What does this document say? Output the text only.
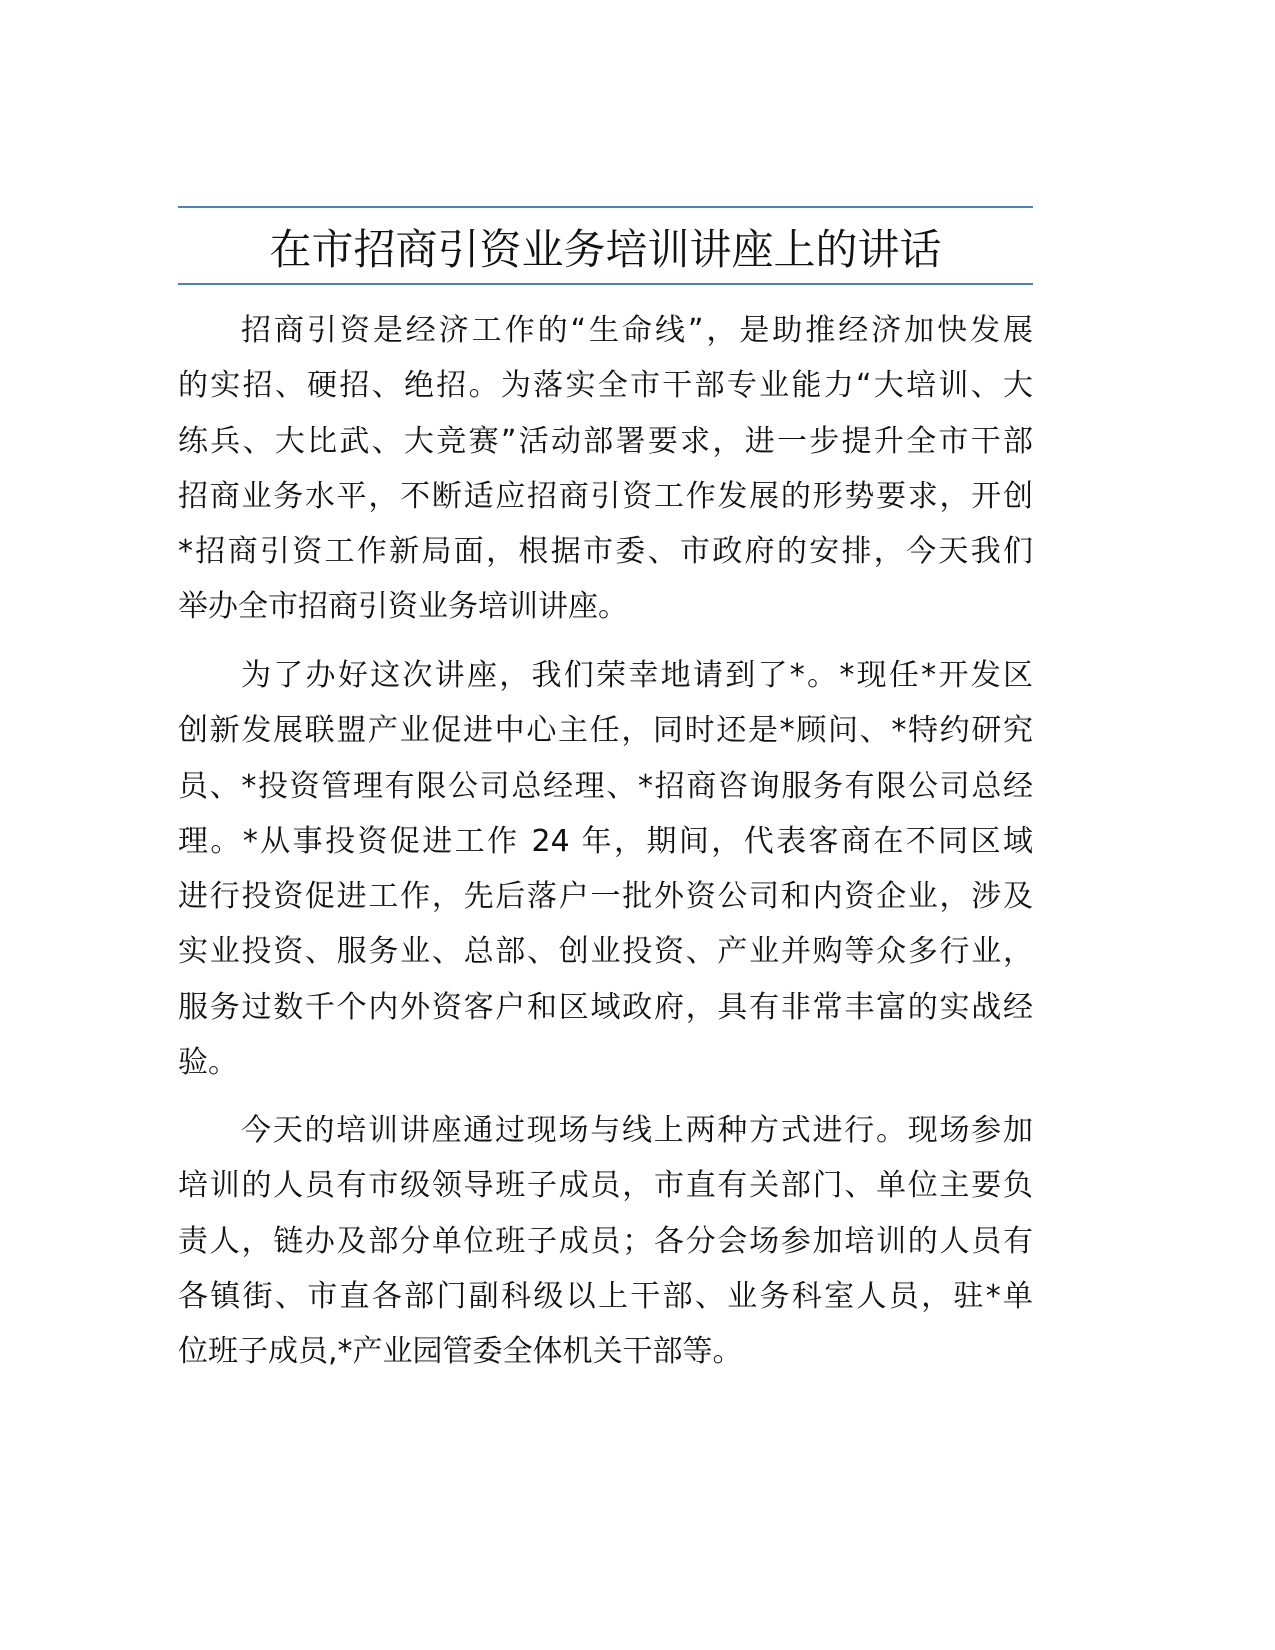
在市招商引资业务培训讲座上的讲话
招商引资是经济工作的“生命线”，是助推经济加快发展
的实招、硬招、绝招。为落实全市干部专业能力“大培训、大
练兵、大比武、大竞赛”活动部署要求，进一步提升全市干部
招商业务水平，不断适应招商引资工作发展的形势要求，开创
*招商引资工作新局面，根据市委、市政府的安排，今天我们
举办全市招商引资业务培训讲座。
为了办好这次讲座，我们荣幸地请到了*。*现任*开发区
创新发展联盟产业促进中心主任，同时还是*顾问、*特约研究
员、*投资管理有限公司总经理、*招商咨询服务有限公司总经
理。*从事投资促进工作 24 年，期间，代表客商在不同区域
进行投资促进工作，先后落户一批外资公司和内资企业，涉及
实业投资、服务业、总部、创业投资、产业并购等众多行业，
服务过数千个内外资客户和区域政府，具有非常丰富的实战经
验。
今天的培训讲座通过现场与线上两种方式进行。现场参加
培训的人员有市级领导班子成员，市直有关部门、单位主要负
责人，链办及部分单位班子成员；各分会场参加培训的人员有
各镇街、市直各部门副科级以上干部、业务科室人员，驻*单
位班子成员,*产业园管委全体机关干部等。
